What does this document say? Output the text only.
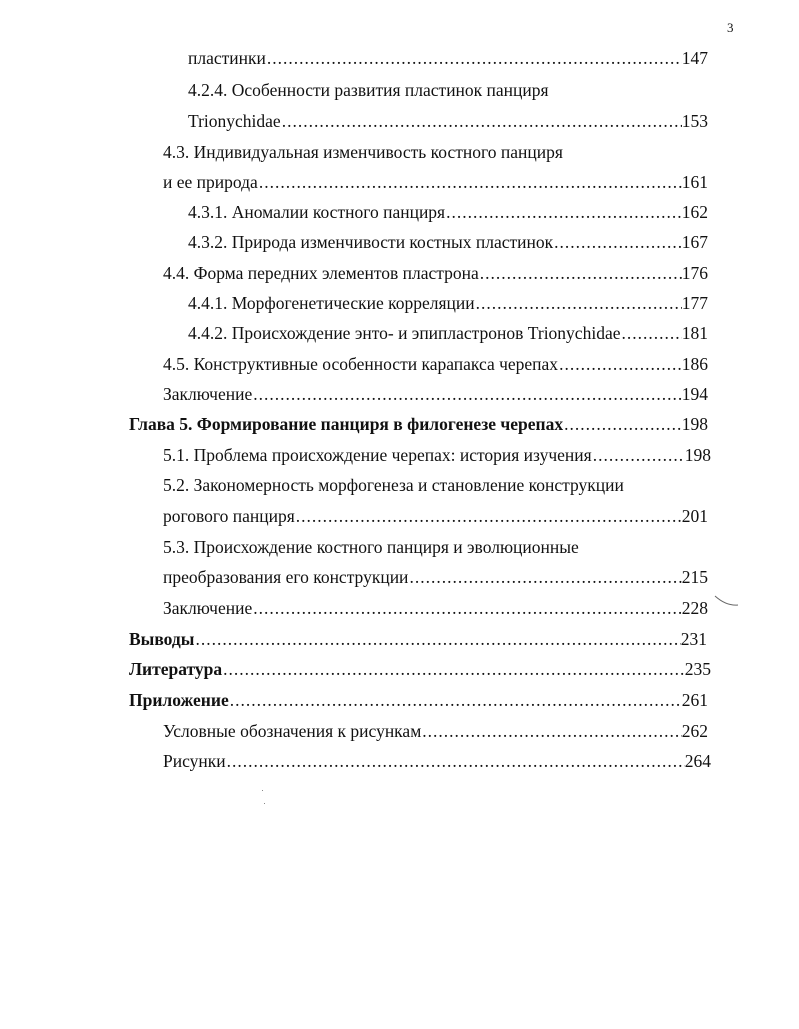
3
пластинки .....	147
4.2.4. Особенности развития пластинок панциря
Trionychidae .....	153
4.3. Индивидуальная изменчивость костного панциря
и ее природа .....	161
4.3.1. Аномалии костного панциря .....	162
4.3.2. Природа изменчивости костных пластинок .....	167
4.4. Форма передних элементов пластрона .....	176
4.4.1. Морфогенетические корреляции .....	177
4.4.2. Происхождение энто- и эпипластронов Trionychidae .....	181
4.5. Конструктивные особенности карапакса черепах .....	186
Заключение .....	194
Глава 5. Формирование панциря в филогенезе черепах .....	198
5.1. Проблема происхождение черепах: история изучения .....	198
5.2. Закономерность морфогенеза и становление конструкции
рогового панциря .....	201
5.3. Происхождение костного панциря и эволюционные
преобразования его конструкции .....	215
Заключение .....	228
Выводы .....	231
Литература .....	235
Приложение .....	261
Условные обозначения к рисункам .....	262
Рисунки .....	264
